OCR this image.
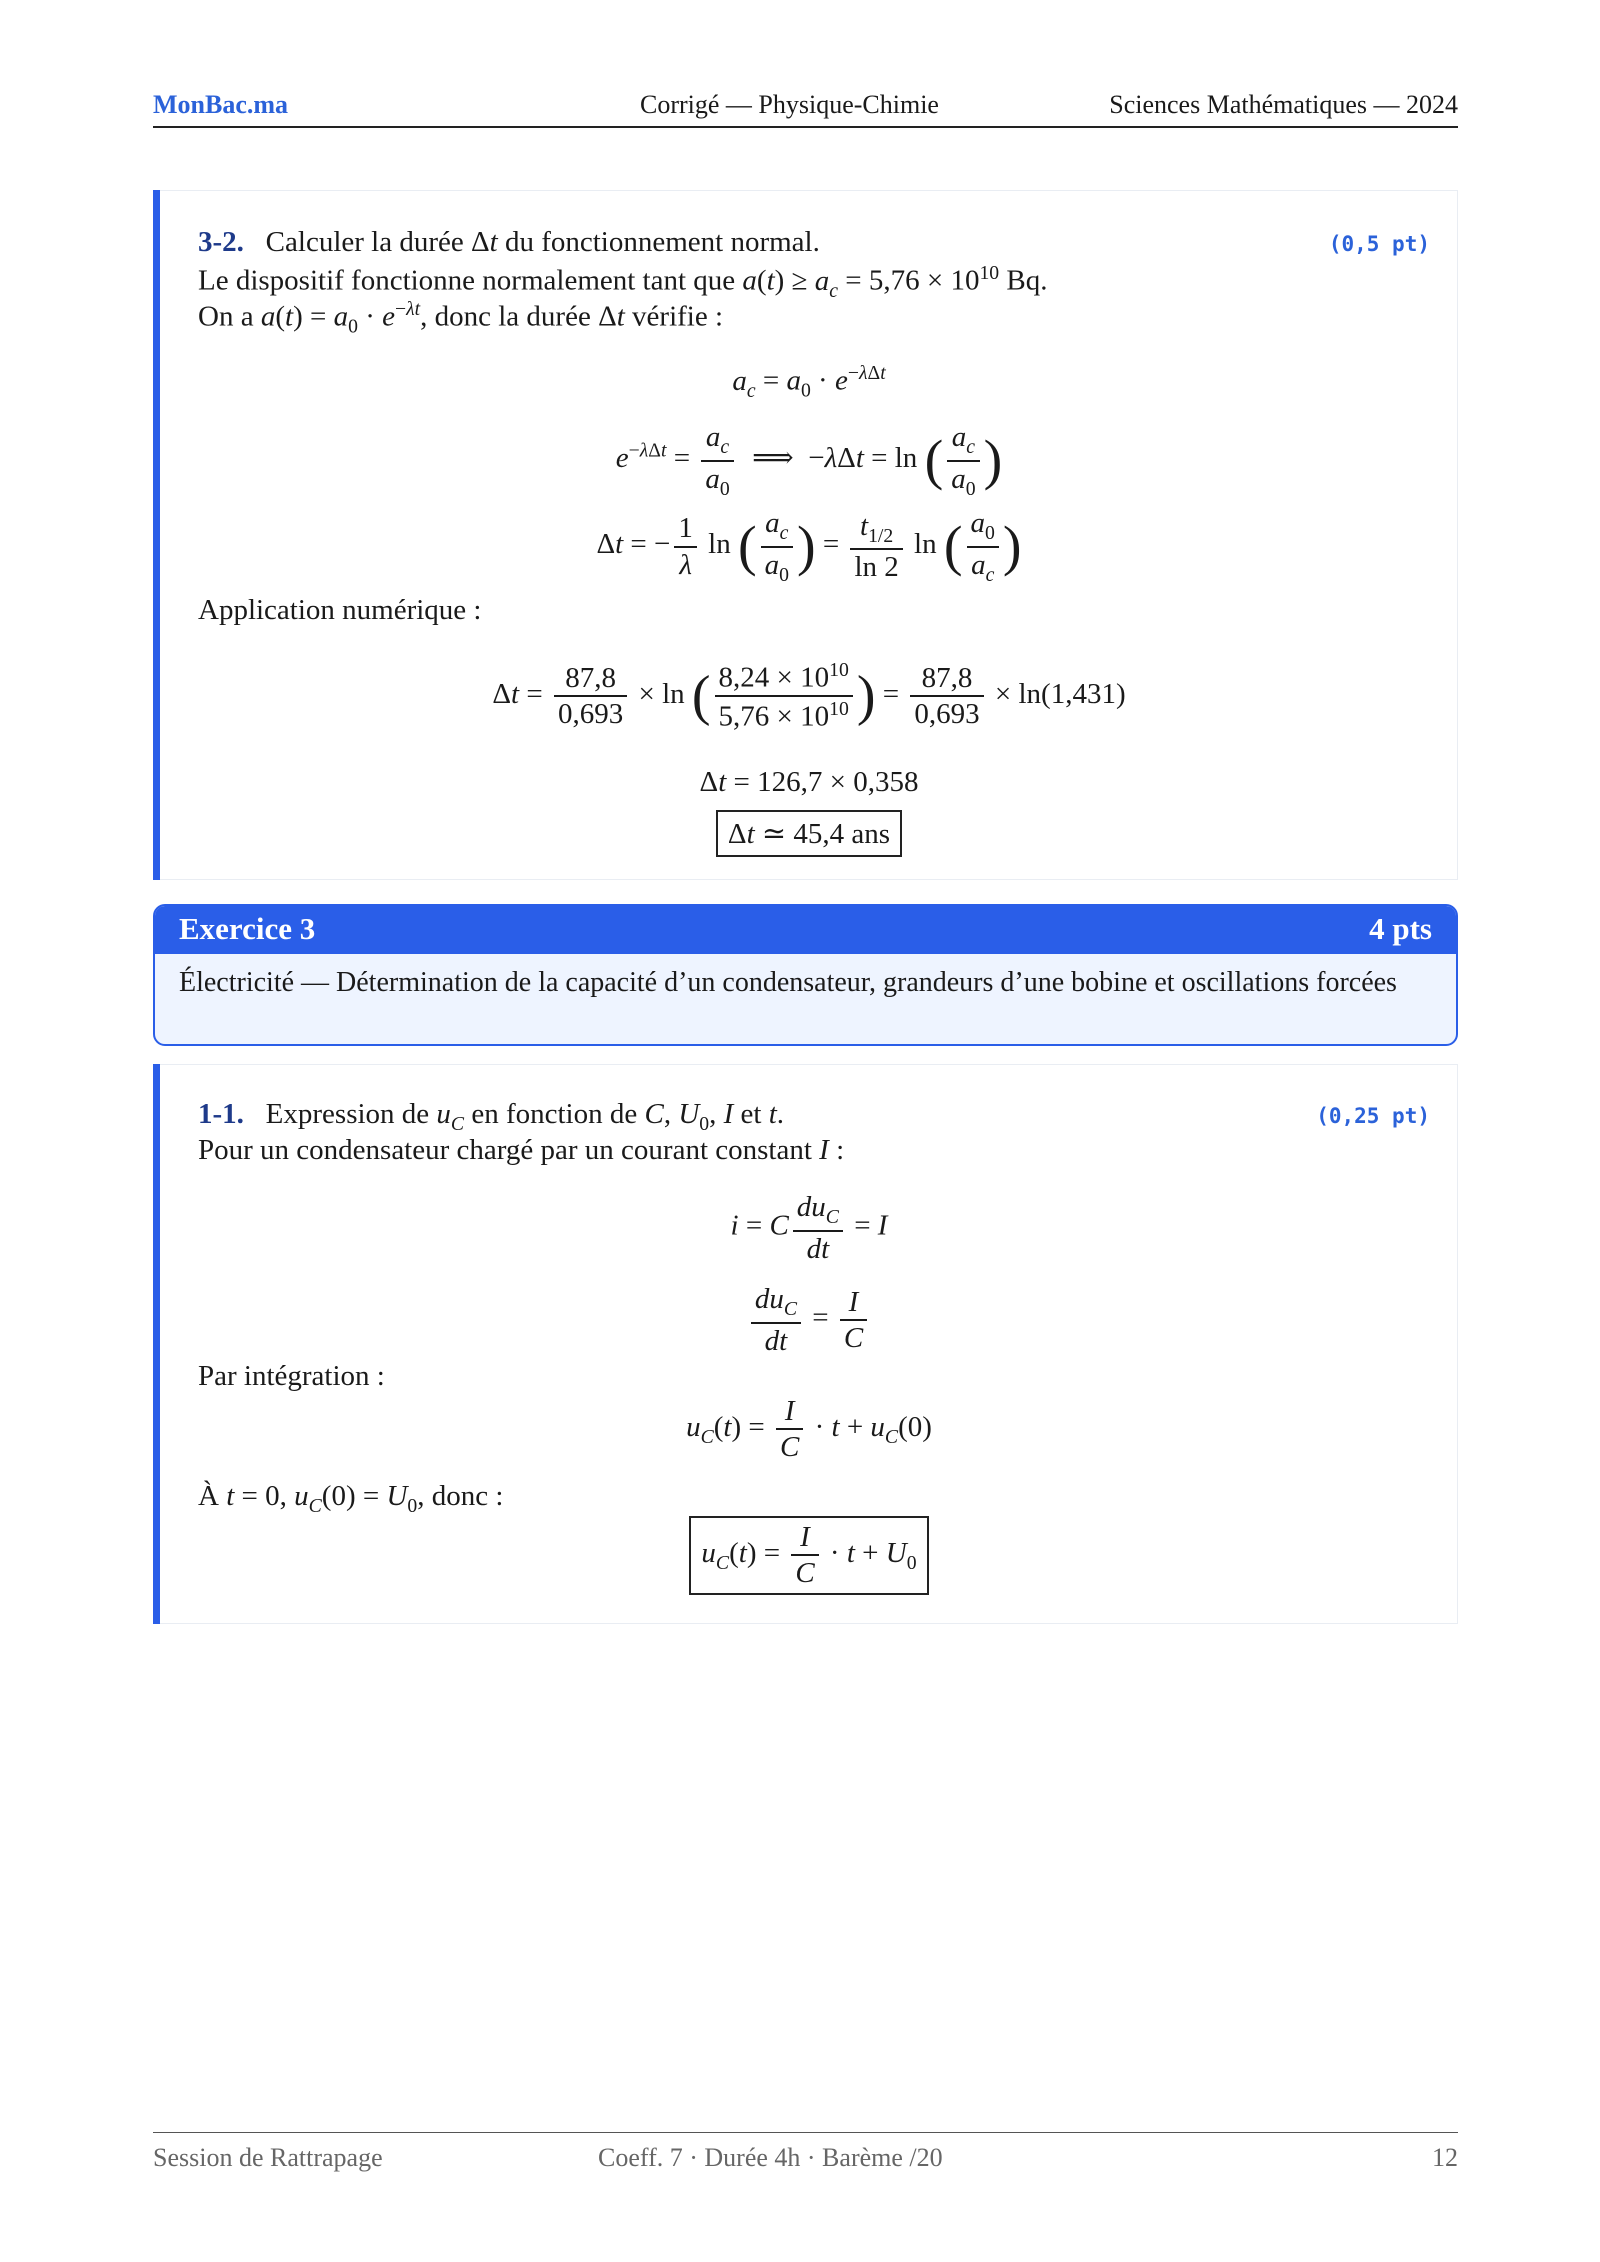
MonBac.ma	Corrigé — Physique-Chimie	Sciences Mathématiques — 2024
3-2. Calculer la durée Δt du fonctionnement normal.	(0,5 pt)
Le dispositif fonctionne normalement tant que $a(t) \ge a_c = 5,76 \times 10^{10}$ Bq.
On a $a(t) = a_0 \cdot e^{-\lambda t}$, donc la durée Δt vérifie :
$a_c = a_0 \cdot e^{-\lambda\Delta t}$
$e^{-\lambda\Delta t} = \frac{a_c}{a_0}$ ⟹  −λΔt = ln ( $\frac{a_c}{a_0}$ )
Δt = − $\frac{1}{\lambda}$ ln ( $\frac{a_c}{a_0}$ ) = $\frac{t_{1/2}}{\ln 2}$ ln ( $\frac{a_0}{a_c}$ )
Application numérique :
$\Delta t = \frac{87,8}{0,693} \times \ln$ ( $\frac{8,24 \times 10^{10}}{5,76 \times 10^{10}}$ ) = $\frac{87,8}{0,693} \times \ln(1,431)$
Δt = 126,7 × 0,358
Δt ≃ 45,4 ans
Exercice 3	4 pts
Électricité — Détermination de la capacité d’un condensateur, grandeurs d’une bobine et oscillations forcées
1-1. Expression de $u_C$ en fonction de C, $U_0$, I et t.	(0,25 pt)
Pour un condensateur chargé par un courant constant I :
i = C $\frac{du_C}{dt} = I$
$\frac{du_C}{dt} = \frac{I}{C}$
Par intégration :
$u_C(t) = \frac{I}{C} \cdot t + u_C(0)$
À t = 0, $u_C(0) = U_0$, donc :
$u_C(t) = \frac{I}{C} \cdot t + U_0$
Session de Rattrapage	Coeff. 7 · Durée 4h · Barème /20	12
